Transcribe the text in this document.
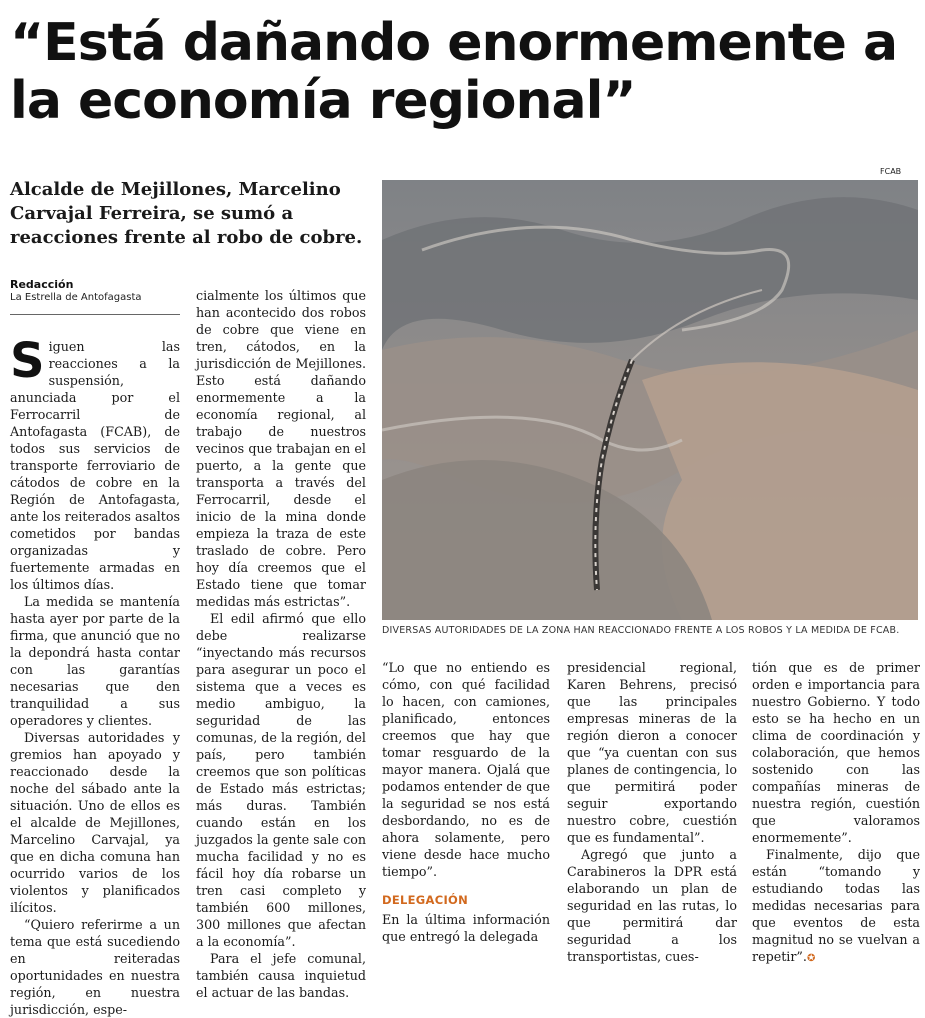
“Está dañando enormemente a la economía regional”
Alcalde de Mejillones, Marcelino Carvajal Ferreira, se sumó a reacciones frente al robo de cobre.
FCAB
DIVERSAS AUTORIDADES DE LA ZONA HAN REACCIONADO FRENTE A LOS ROBOS Y LA MEDIDA DE FCAB.
Redacción
La Estrella de Antofagasta

Siguen las reacciones a la suspensión, anunciada por el Ferrocarril de Antofagasta (FCAB), de todos sus servicios de transporte ferroviario de cátodos de cobre en la Región de Antofagasta, ante los reiterados asaltos cometidos por bandas organizadas y fuertemente armadas en los últimos días.

La medida se mantenía hasta ayer por parte de la firma, que anunció que no la depondrá hasta contar con las garantías necesarias que den tranquilidad a sus operadores y clientes.

Diversas autoridades y gremios han apoyado y reaccionado desde la noche del sábado ante la situación. Uno de ellos es el alcalde de Mejillones, Marcelino Carvajal, ya que en dicha comuna han ocurrido varios de los violentos y planificados ilícitos.

“Quiero referirme a un tema que está sucediendo en reiteradas oportunidades en nuestra región, en nuestra jurisdicción, espe-

cialmente los últimos que han acontecido dos robos de cobre que viene en tren, cátodos, en la jurisdicción de Mejillones. Esto está dañando enormemente a la economía regional, al trabajo de nuestros vecinos que trabajan en el puerto, a la gente que transporta a través del Ferrocarril, desde el inicio de la mina donde empieza la traza de este traslado de cobre. Pero hoy día creemos que el Estado tiene que tomar medidas más estrictas”.

El edil afirmó que ello debe realizarse “inyectando más recursos para asegurar un poco el sistema que a veces es medio ambiguo, la seguridad de las comunas, de la región, del país, pero también creemos que son políticas de Estado más estrictas; más duras. También cuando están en los juzgados la gente sale con mucha facilidad y no es fácil hoy día robarse un tren casi completo y también 600 millones, 300 millones que afectan a la economía”.

Para el jefe comunal, también causa inquietud el actuar de las bandas.

“Lo que no entiendo es cómo, con qué facilidad lo hacen, con camiones, planificado, entonces creemos que hay que tomar resguardo de la mayor manera. Ojalá que podamos entender de que la seguridad se nos está desbordando, no es de ahora solamente, pero viene desde hace mucho tiempo”.

DELEGACIÓN

En la última información que entregó la delegada

presidencial regional, Karen Behrens, precisó que las principales empresas mineras de la región dieron a conocer que “ya cuentan con sus planes de contingencia, lo que permitirá poder seguir exportando nuestro cobre, cuestión que es fundamental”.

Agregó que junto a Carabineros la DPR está elaborando un plan de seguridad en las rutas, lo que permitirá dar seguridad a los transportistas, cues-

tión que es de primer orden e importancia para nuestro Gobierno. Y todo esto se ha hecho en un clima de coordinación y colaboración, que hemos sostenido con las compañías mineras de nuestra región, cuestión que valoramos enormemente”.

Finalmente, dijo que están “tomando y estudiando todas las medidas necesarias para que eventos de esta magnitud no se vuelvan a repetir”.✪
